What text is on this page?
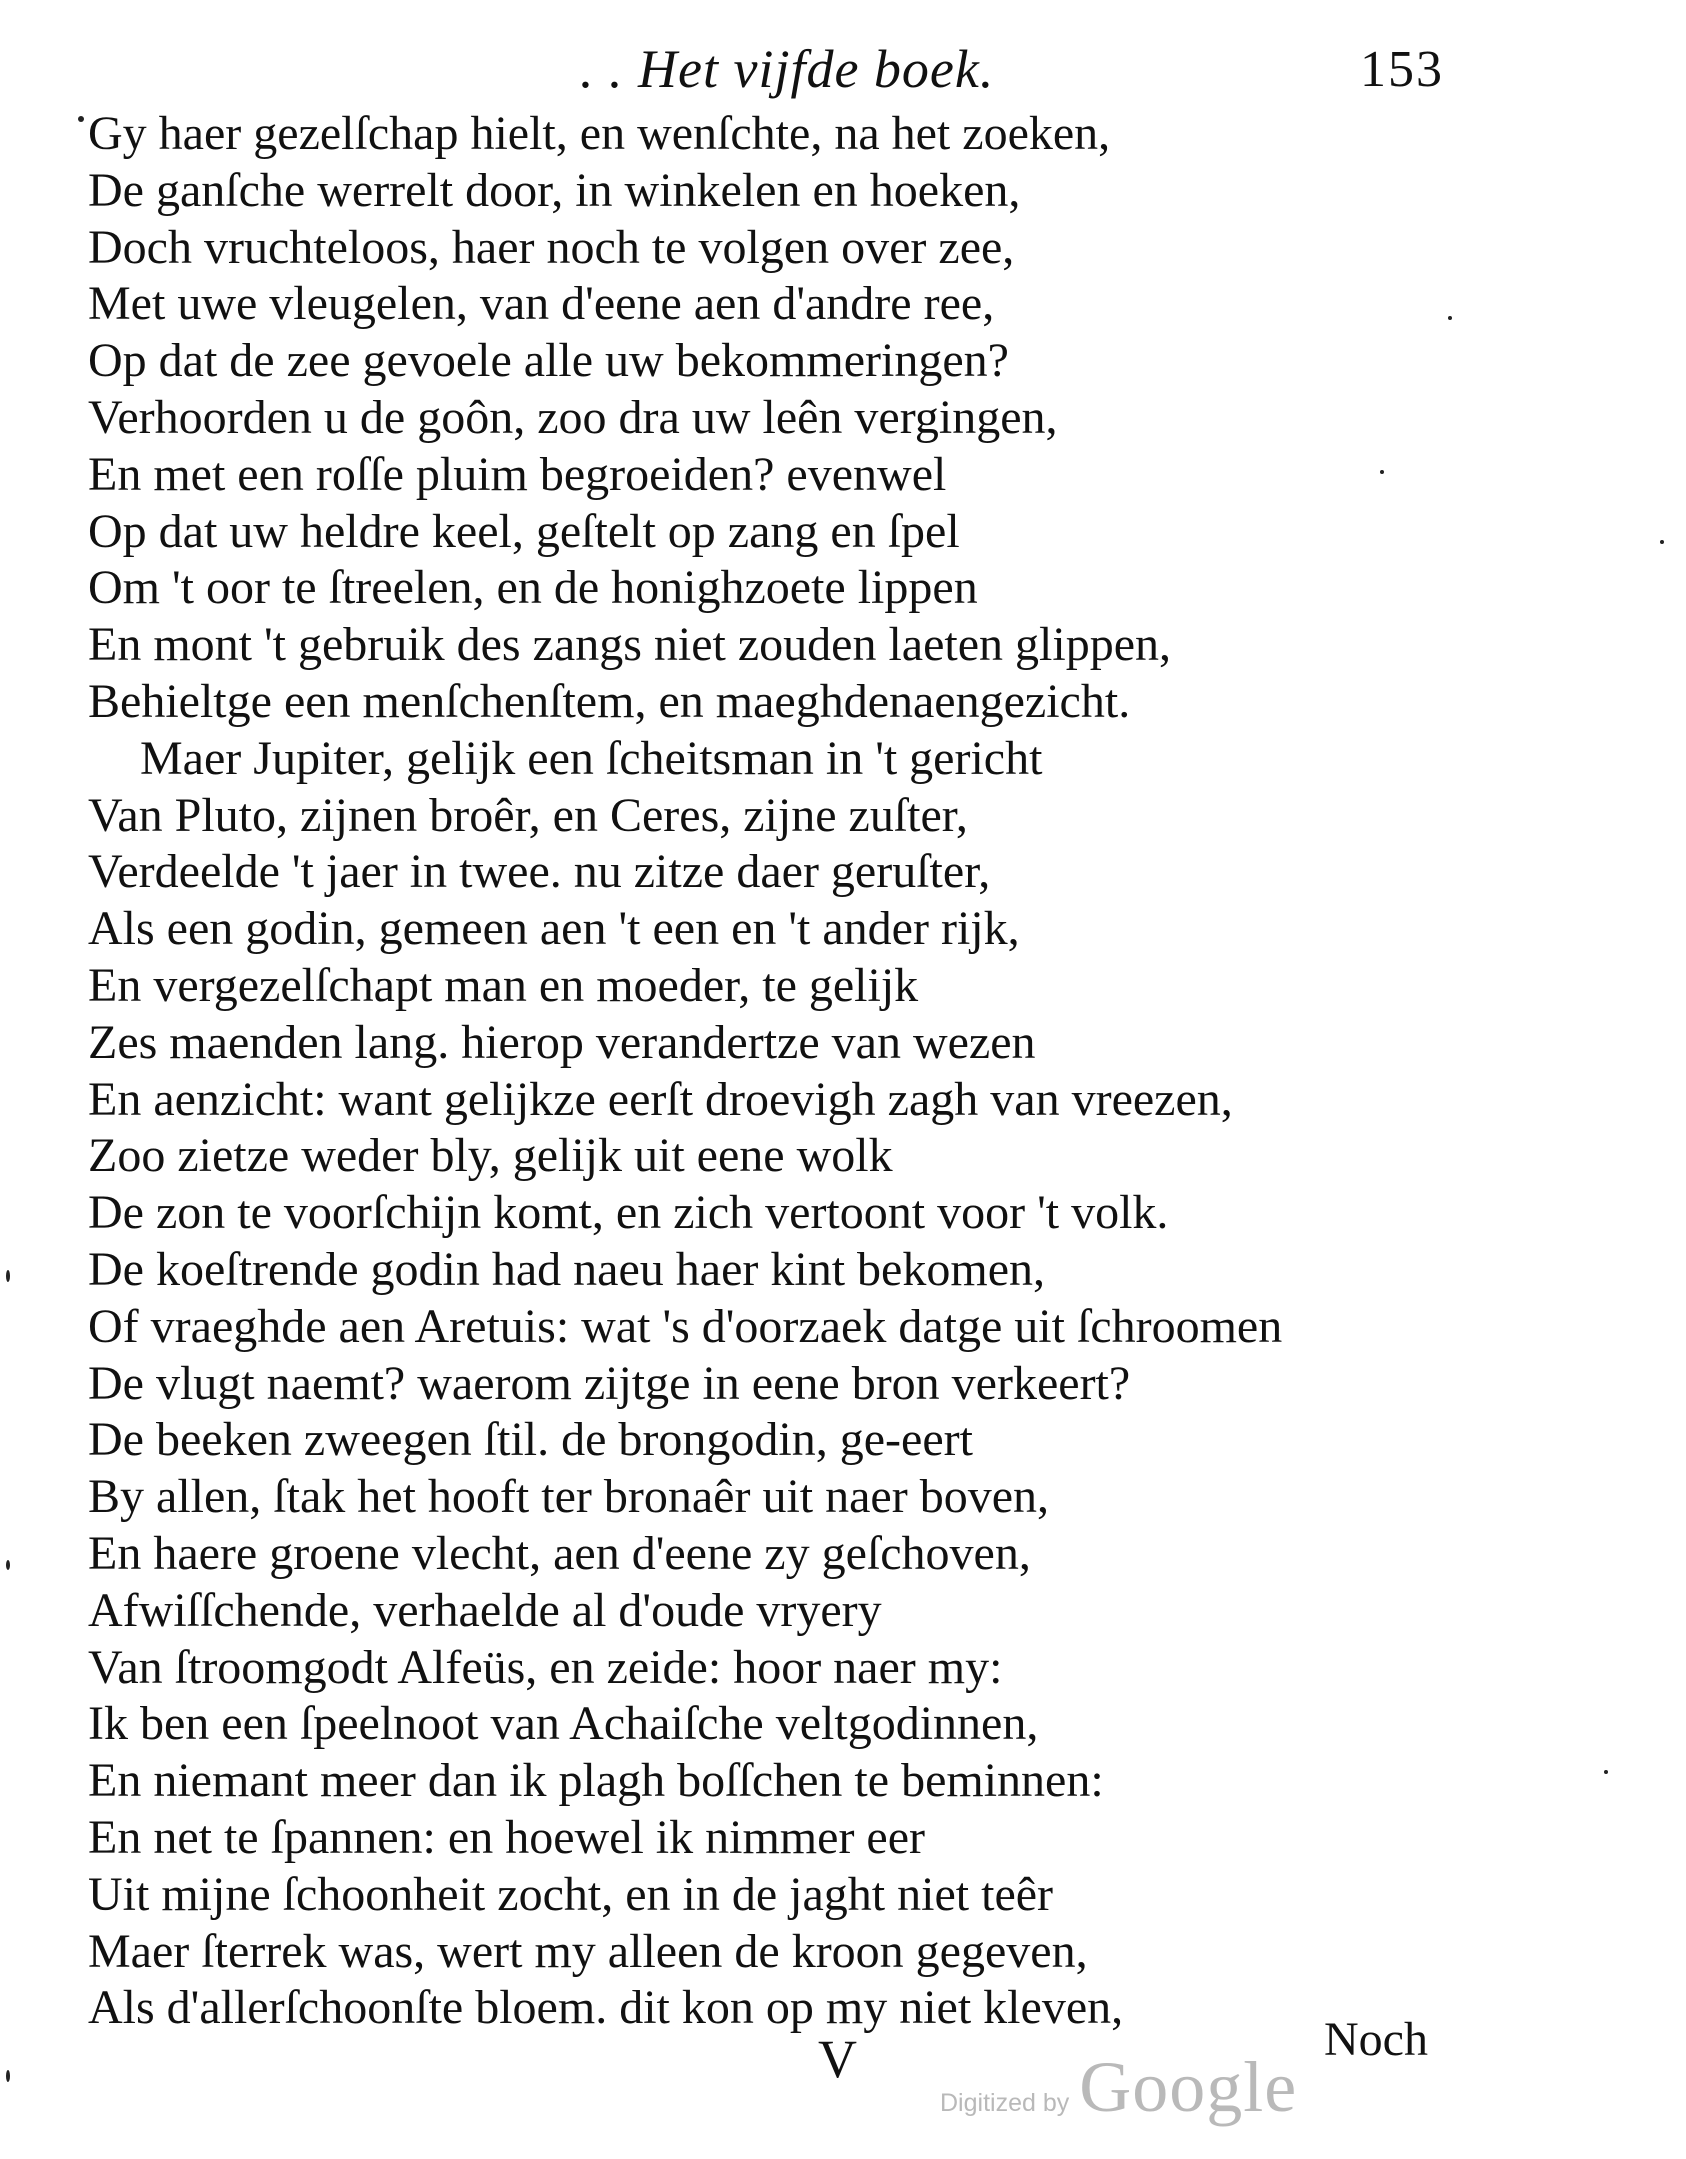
. . Het vijfde boek.	153
Gy haer gezelſchap hielt, en wenſchte, na het zoeken,
De ganſche werrelt door, in winkelen en hoeken,
Doch vruchteloos, haer noch te volgen over zee,
Met uwe vleugelen, van d'eene aen d'andre ree,
Op dat de zee gevoele alle uw bekommeringen?
Verhoorden u de goôn, zoo dra uw leên vergingen,
En met een roſſe pluim begroeiden? evenwel
Op dat uw heldre keel, geſtelt op zang en ſpel
Om 't oor te ſtreelen, en de honighzoete lippen
En mont 't gebruik des zangs niet zouden laeten glippen,
Behieltge een menſchenſtem, en maeghdenaengezicht.
Maer Jupiter, gelijk een ſcheitsman in 't gericht
Van Pluto, zijnen broêr, en Ceres, zijne zuſter,
Verdeelde 't jaer in twee. nu zitze daer geruſter,
Als een godin, gemeen aen 't een en 't ander rijk,
En vergezelſchapt man en moeder, te gelijk
Zes maenden lang. hierop verandertze van wezen
En aenzicht: want gelijkze eerſt droevigh zagh van vreezen,
Zoo zietze weder bly, gelijk uit eene wolk
De zon te voorſchijn komt, en zich vertoont voor 't volk.
De koeſtrende godin had naeu haer kint bekomen,
Of vraeghde aen Aretuis: wat 's d'oorzaek datge uit ſchroomen
De vlugt naemt? waerom zijtge in eene bron verkeert?
De beeken zweegen ſtil. de brongodin, ge-eert
By allen, ſtak het hooft ter bronaêr uit naer boven,
En haere groene vlecht, aen d'eene zy geſchoven,
Afwiſſchende, verhaelde al d'oude vryery
Van ſtroomgodt Alfeüs, en zeide: hoor naer my:
Ik ben een ſpeelnoot van Achaiſche veltgodinnen,
En niemant meer dan ik plagh boſſchen te beminnen:
En net te ſpannen: en hoewel ik nimmer eer
Uit mijne ſchoonheit zocht, en in de jaght niet teêr
Maer ſterrek was, wert my alleen de kroon gegeven,
Als d'allerſchoonſte bloem. dit kon op my niet kleven,
V	Noch
Digitized by Google
